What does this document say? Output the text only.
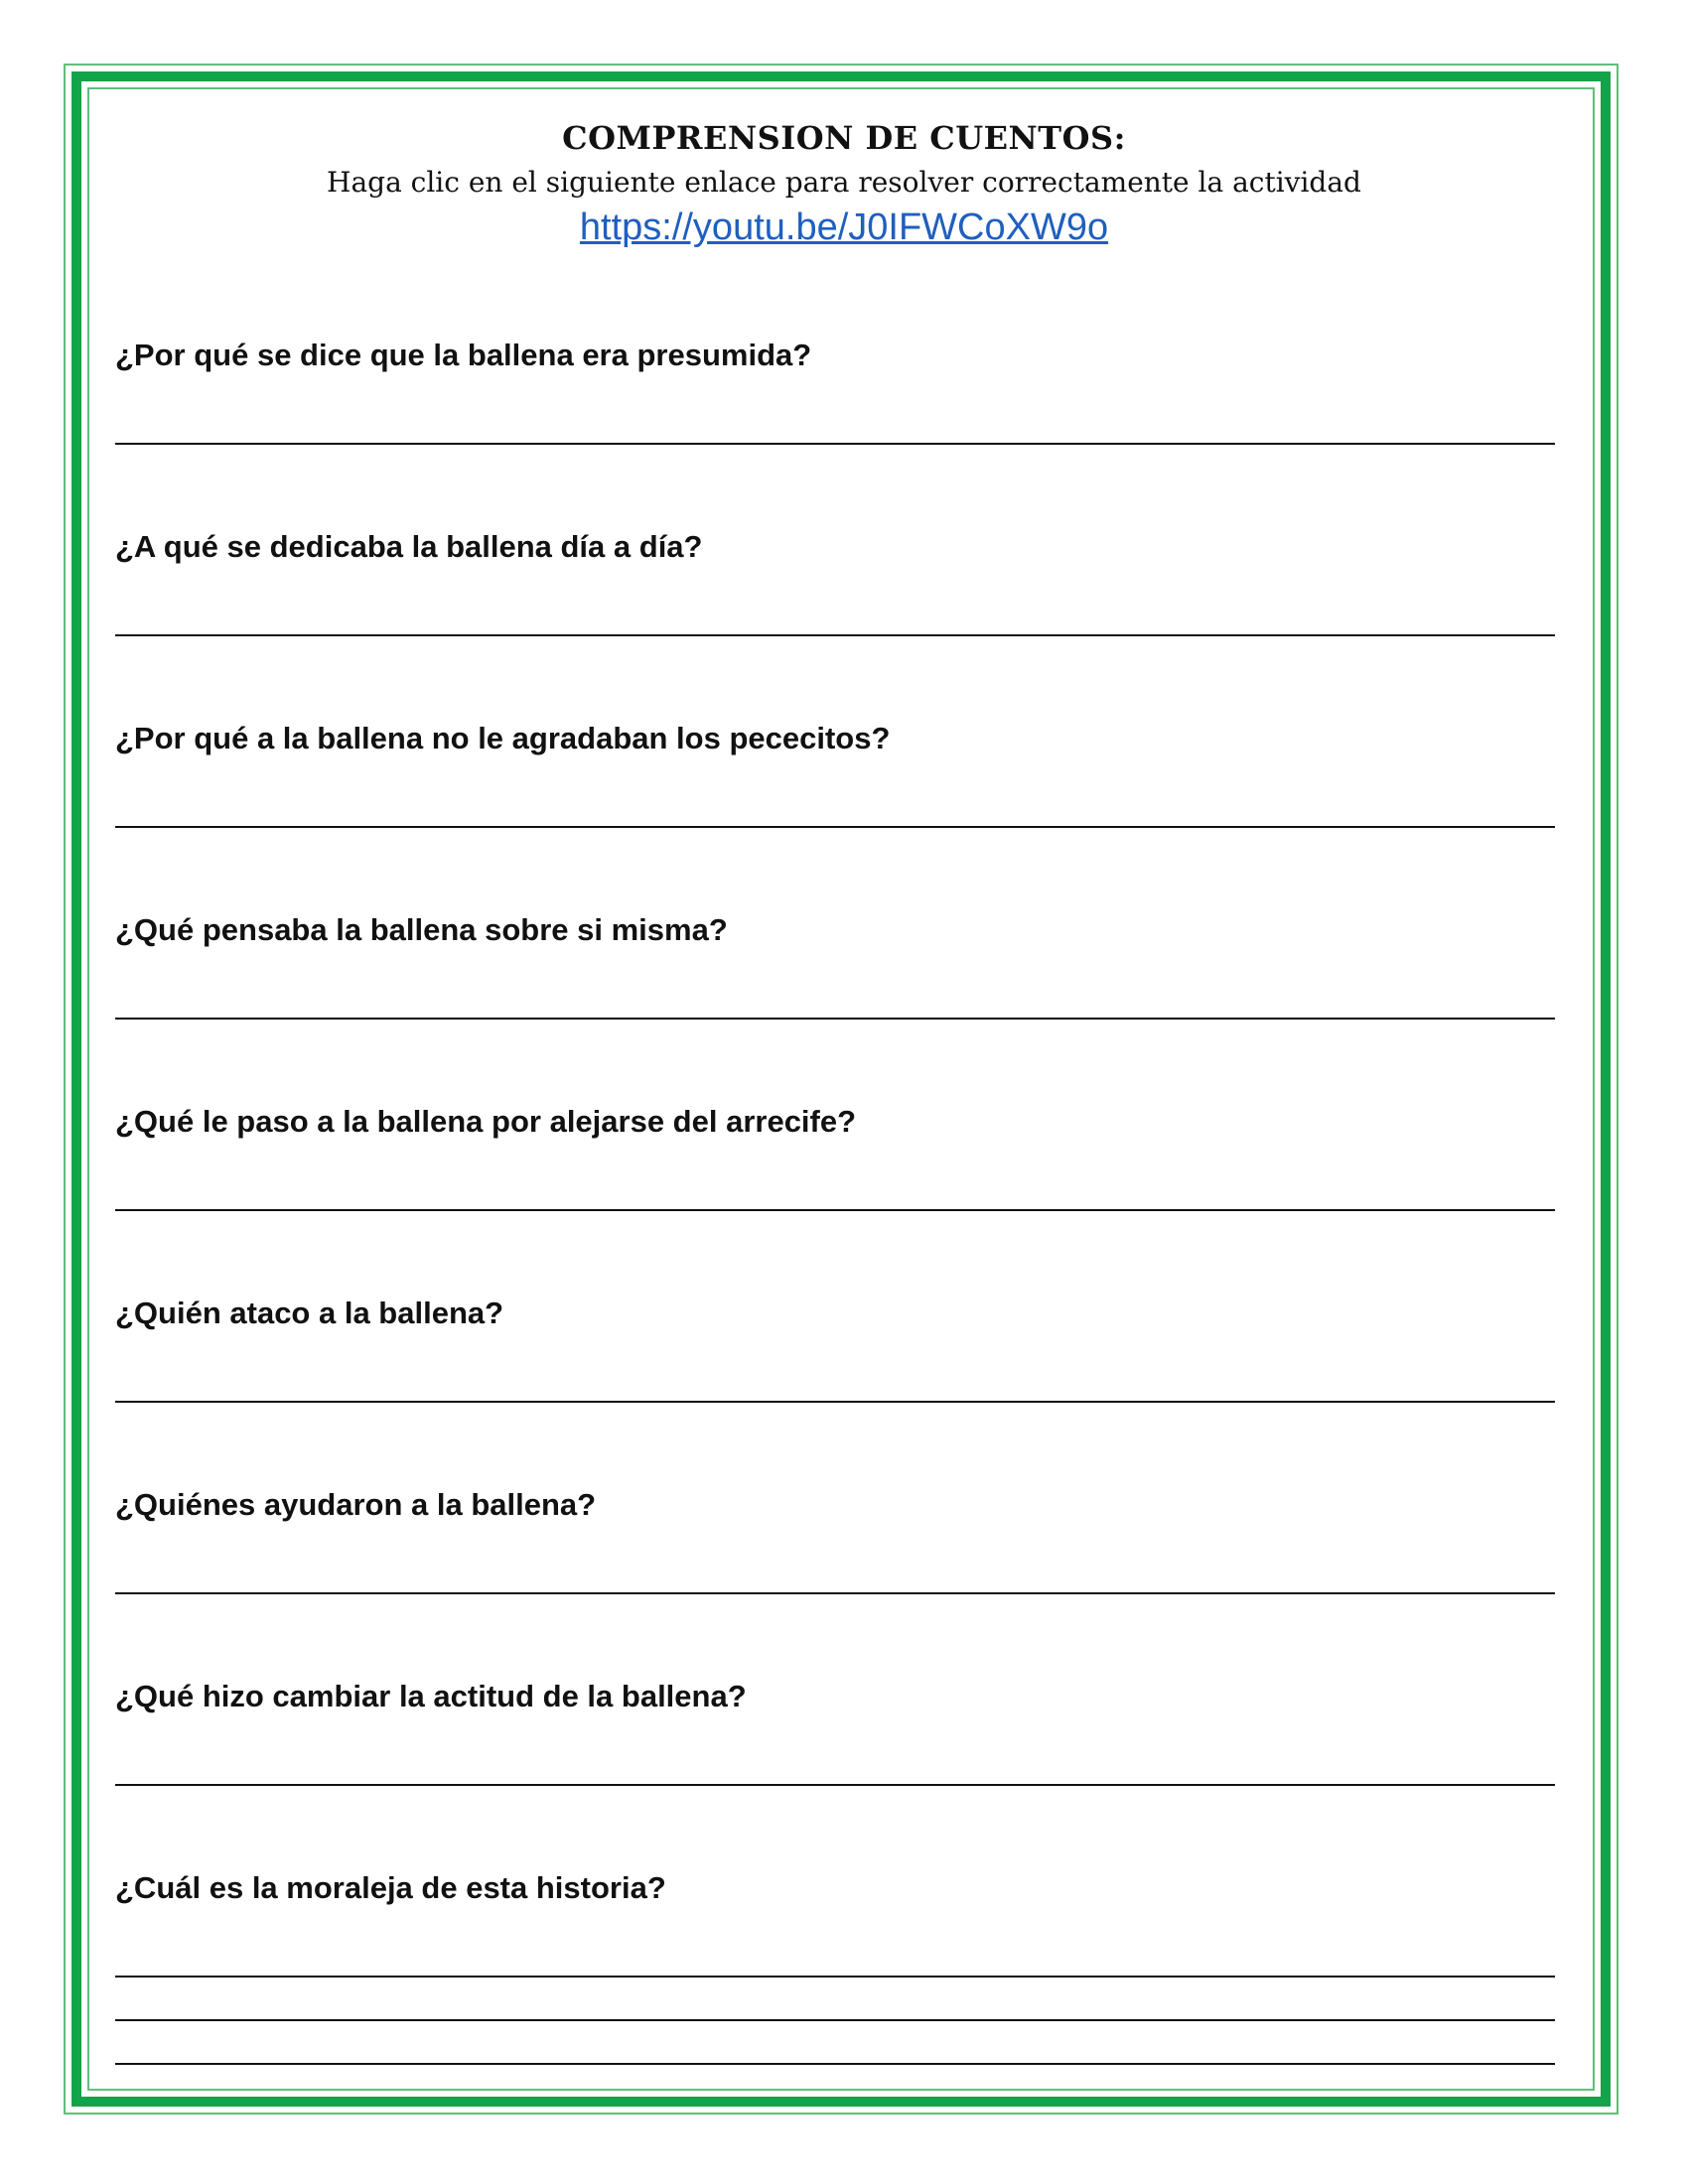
COMPRENSION DE CUENTOS:
Haga clic en el siguiente enlace para resolver correctamente la actividad
https://youtu.be/J0IFWCoXW9o
¿Por qué se dice que la ballena era presumida?
¿A qué se dedicaba la ballena día a día?
¿Por qué a la ballena no le agradaban los pececitos?
¿Qué pensaba la ballena sobre si misma?
¿Qué le paso a la ballena por alejarse del arrecife?
¿Quién ataco a la ballena?
¿Quiénes ayudaron a la ballena?
¿Qué hizo cambiar la actitud de la ballena?
¿Cuál es la moraleja de esta historia?
